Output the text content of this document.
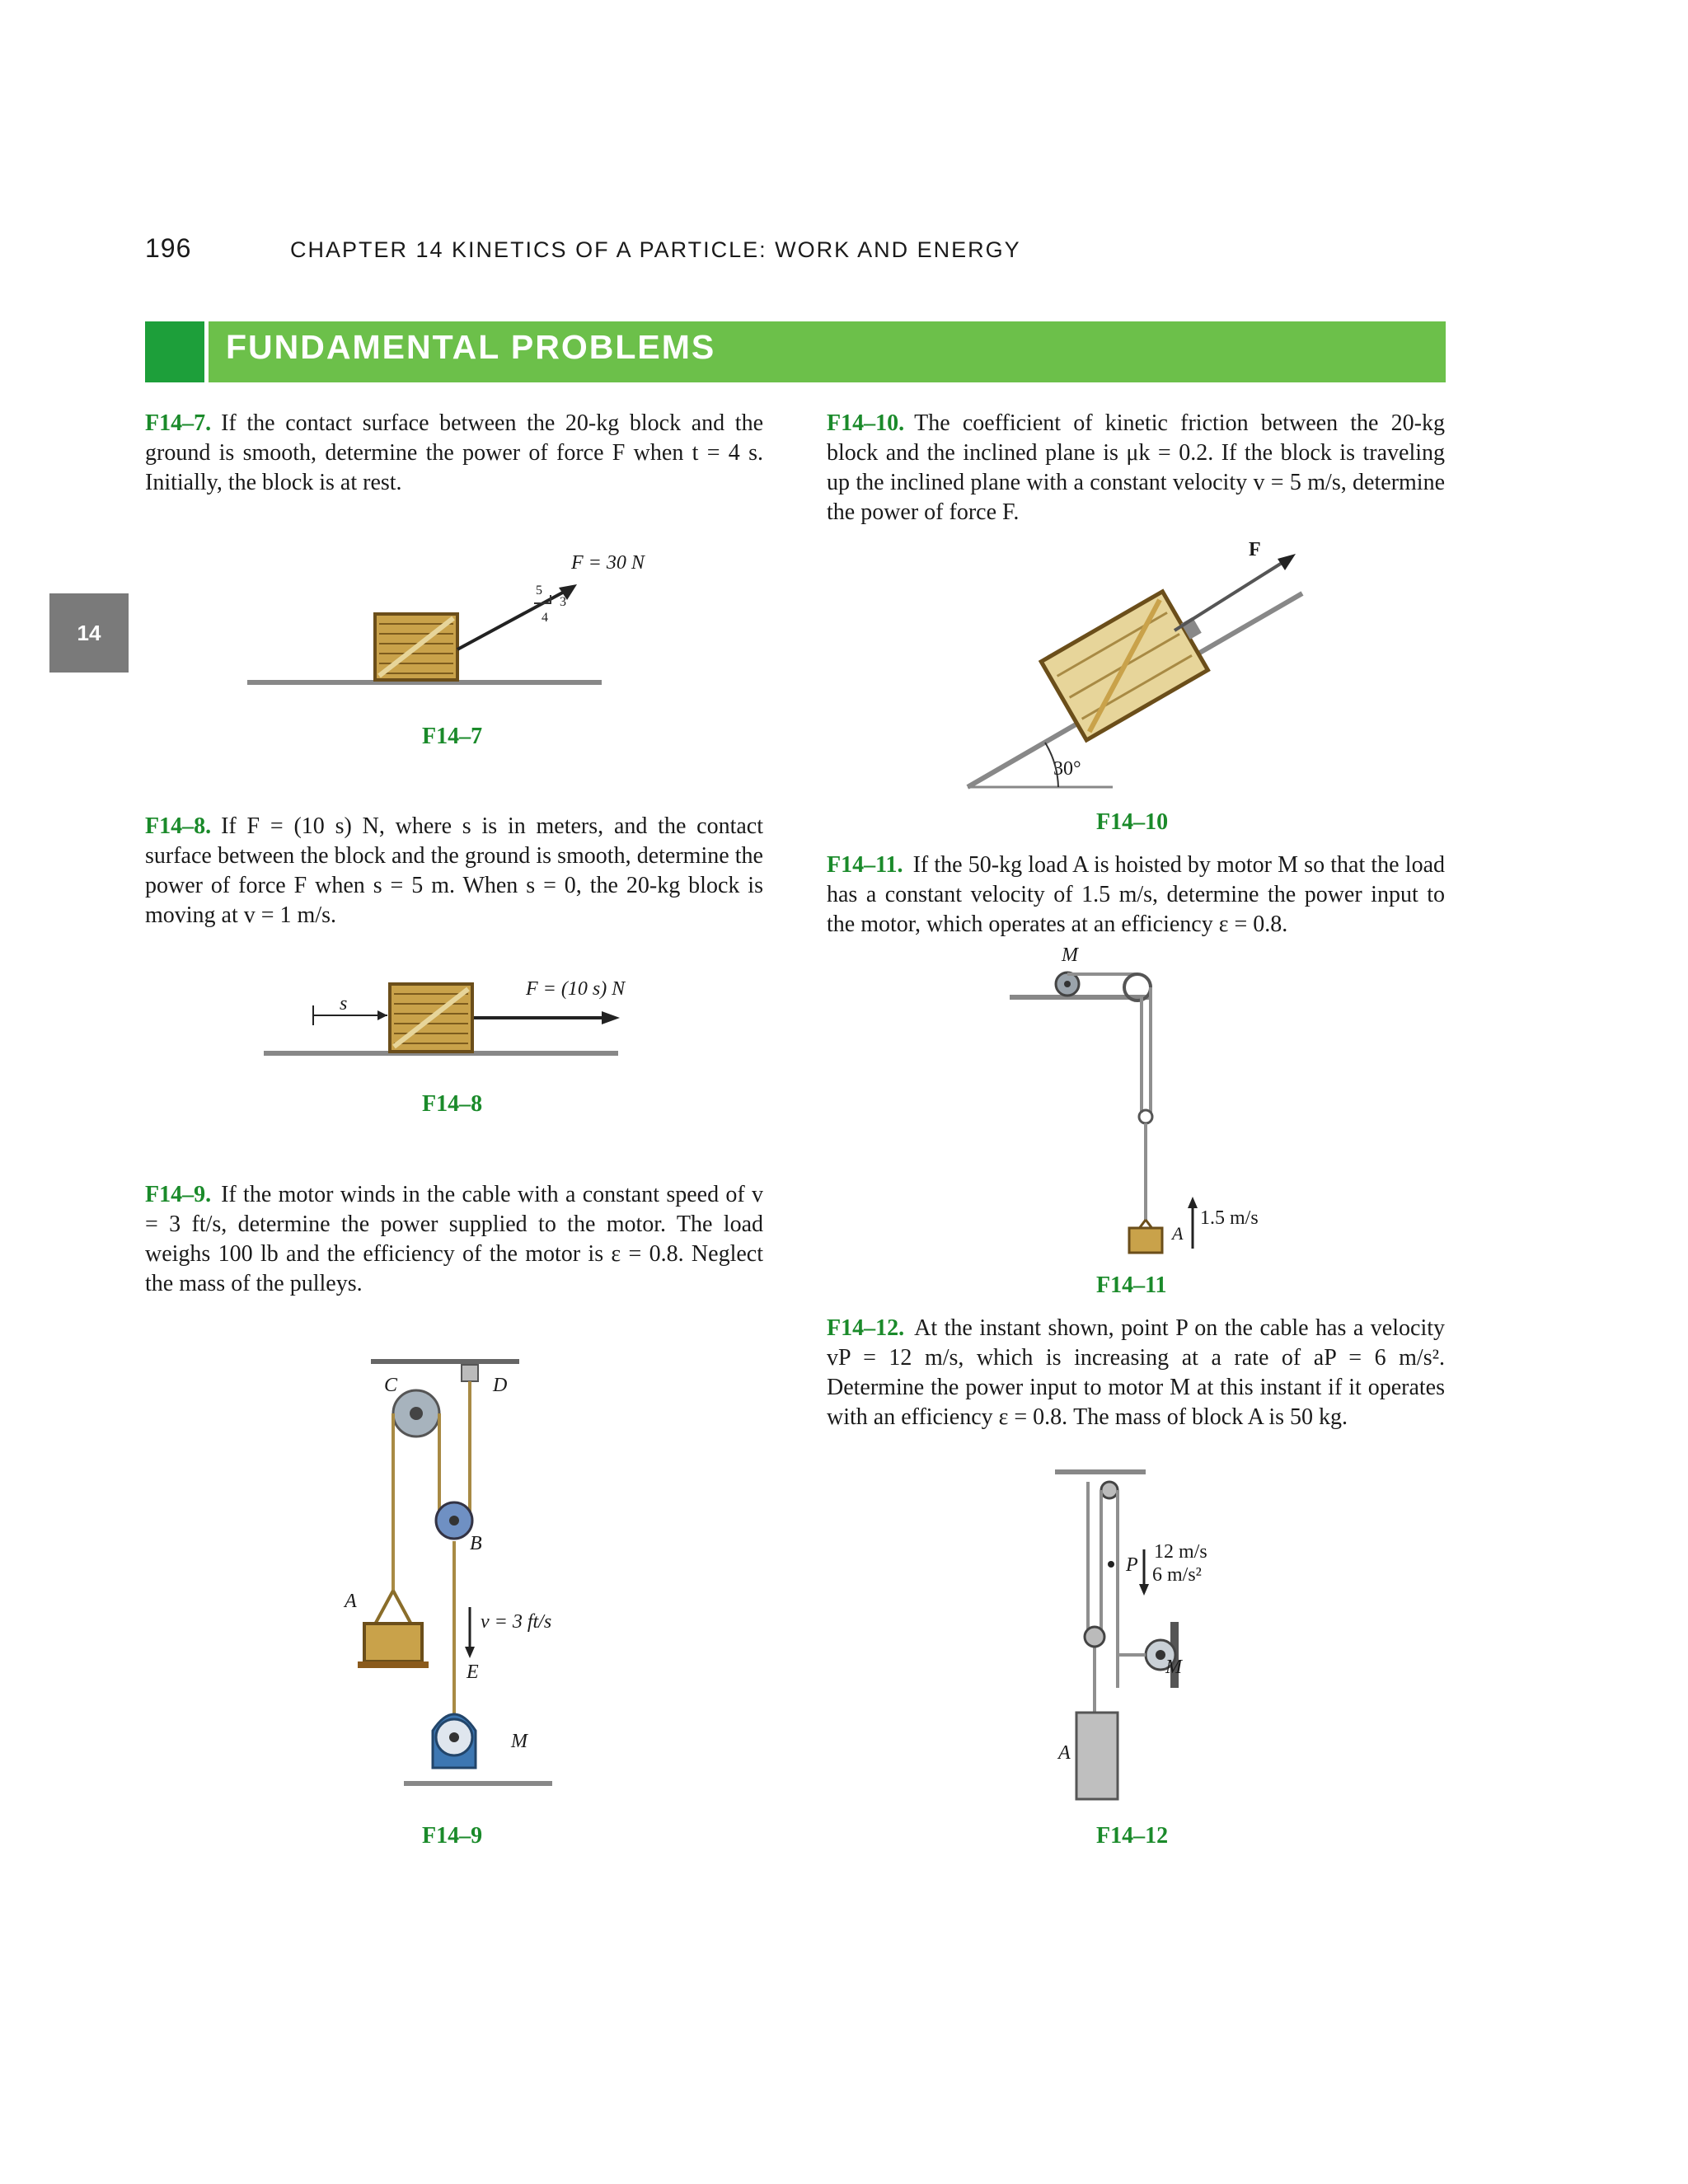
196	CHAPTER 14 KINETICS OF A PARTICLE: WORK AND ENERGY
FUNDAMENTAL PROBLEMS
14
F14–7. If the contact surface between the 20-kg block and the ground is smooth, determine the power of force F when t = 4 s. Initially, the block is at rest.
F = 30 N
5
3
4
F14–7
F14–8. If F = (10 s) N, where s is in meters, and the contact surface between the block and the ground is smooth, determine the power of force F when s = 5 m. When s = 0, the 20-kg block is moving at v = 1 m/s.
F = (10 s) N
s
F14–8
F14–9. If the motor winds in the cable with a constant speed of v = 3 ft/s, determine the power supplied to the motor. The load weighs 100 lb and the efficiency of the motor is ε = 0.8. Neglect the mass of the pulleys.
C	D
B
A
v = 3 ft/s
E
M
F14–9
F14–10. The coefficient of kinetic friction between the 20-kg block and the inclined plane is μk = 0.2. If the block is traveling up the inclined plane with a constant velocity v = 5 m/s, determine the power of force F.
F
30°
F14–10
F14–11. If the 50-kg load A is hoisted by motor M so that the load has a constant velocity of 1.5 m/s, determine the power input to the motor, which operates at an efficiency ε = 0.8.
M
A
1.5 m/s
F14–11
F14–12. At the instant shown, point P on the cable has a velocity vP = 12 m/s, which is increasing at a rate of aP = 6 m/s². Determine the power input to motor M at this instant if it operates with an efficiency ε = 0.8. The mass of block A is 50 kg.
P
12 m/s
6 m/s²
M
A
F14–12
